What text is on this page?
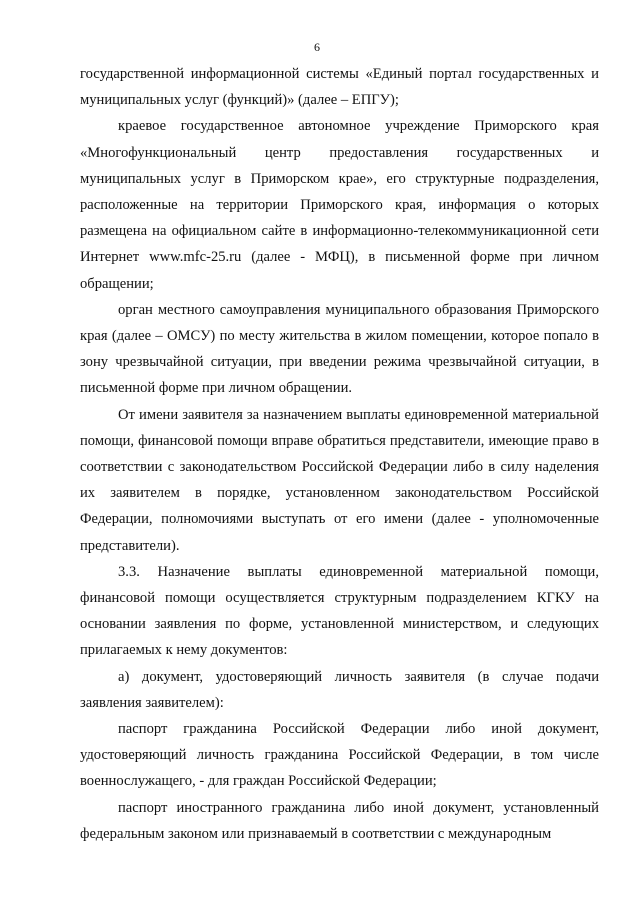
6

государственной информационной системы «Единый портал государственных и муниципальных услуг (функций)» (далее – ЕПГУ);

краевое государственное автономное учреждение Приморского края «Многофункциональный центр предоставления государственных и муниципальных услуг в Приморском крае», его структурные подразделения, расположенные на территории Приморского края, информация о которых размещена на официальном сайте в информационно-телекоммуникационной сети Интернет www.mfc-25.ru (далее - МФЦ), в письменной форме при личном обращении;

орган местного самоуправления муниципального образования Приморского края (далее – ОМСУ) по месту жительства в жилом помещении, которое попало в зону чрезвычайной ситуации, при введении режима чрезвычайной ситуации, в письменной форме при личном обращении.

От имени заявителя за назначением выплаты единовременной материальной помощи, финансовой помощи вправе обратиться представители, имеющие право в соответствии с законодательством Российской Федерации либо в силу наделения их заявителем в порядке, установленном законодательством Российской Федерации, полномочиями выступать от его имени (далее - уполномоченные представители).

3.3. Назначение выплаты единовременной материальной помощи, финансовой помощи осуществляется структурным подразделением КГКУ на основании заявления по форме, установленной министерством, и следующих прилагаемых к нему документов:

а) документ, удостоверяющий личность заявителя (в случае подачи заявления заявителем):

паспорт гражданина Российской Федерации либо иной документ, удостоверяющий личность гражданина Российской Федерации, в том числе военнослужащего, - для граждан Российской Федерации;

паспорт иностранного гражданина либо иной документ, установленный федеральным законом или признаваемый в соответствии с международным
